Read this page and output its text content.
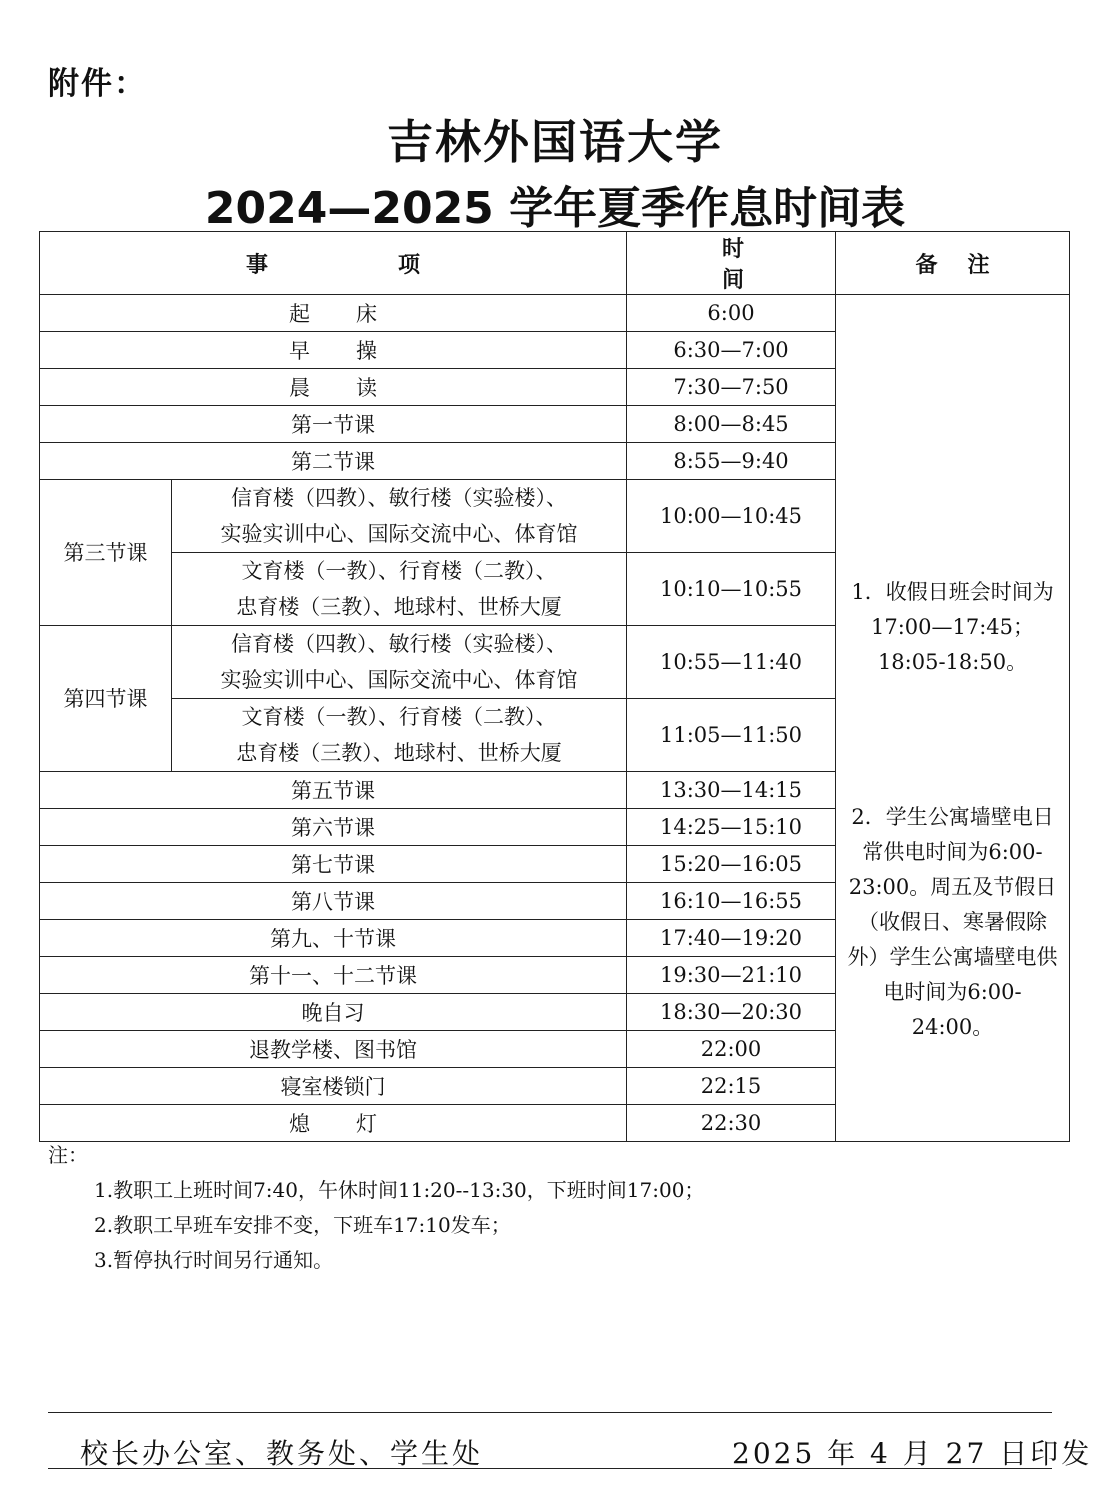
附件：
吉林外国语大学
2024—2025 学年夏季作息时间表
事项		时间	备注
起床		6:00	1．收假日班会时间为 17:00—17:45；18:05-18:50。
2．学生公寓墙壁电日常供电时间为6:00-23:00。周五及节假日（收假日、寒暑假除外）学生公寓墙壁电供电时间为6:00-24:00。

早操		6:30—7:00	
晨读		7:30—7:50	
第一节课		8:00—8:45	
第二节课		8:55—9:40	
第三节课	信育楼（四教）、敏行楼（实验楼）、
实验实训中心、国际交流中心、体育馆	10:00—10:45	

	文育楼（一教）、行育楼（二教）、
忠育楼（三教）、地球村、世桥大厦	10:10—10:55	
第四节课	信育楼（四教）、敏行楼（实验楼）、
实验实训中心、国际交流中心、体育馆	10:55—11:40	

	文育楼（一教）、行育楼（二教）、
忠育楼（三教）、地球村、世桥大厦	11:05—11:50	
第五节课		13:30—14:15	
第六节课		14:25—15:10	
第七节课		15:20—16:05	
第八节课		16:10—16:55	
第九、十节课		17:40—19:20	
第十一、十二节课		19:30—21:10	
晚自习		18:30—20:30	
退教学楼、图书馆		22:00	
寝室楼锁门		22:15	
熄灯		22:30	
注：
1.教职工上班时间7:40，午休时间11:20--13:30，下班时间17:00；
2.教职工早班车安排不变，下班车17:10发车；
3.暂停执行时间另行通知。
校长办公室、教务处、学生处	2025 年 4 月 27 日印发
